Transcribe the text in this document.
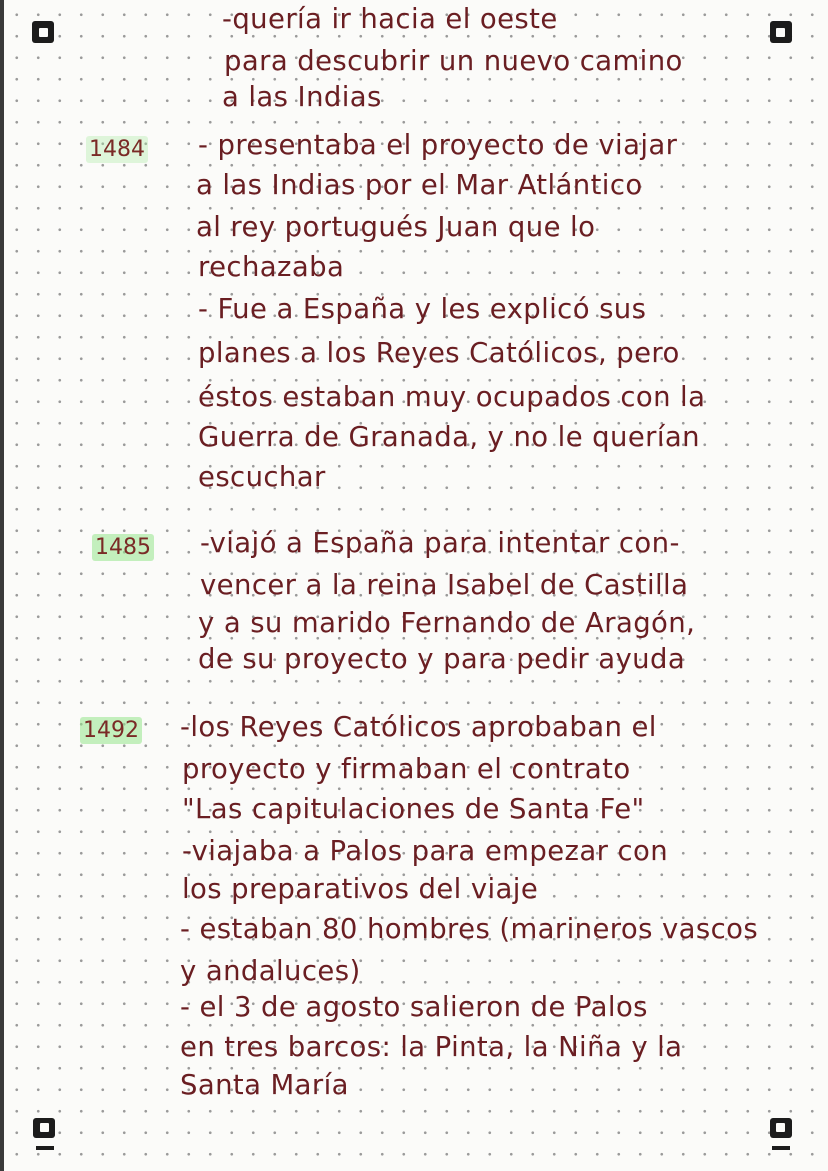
-quería ir hacia el oeste

para descubrir un nuevo camino

a las Indias

1484 - presentaba el proyecto de viajar

a las Indias por el Mar Atlántico

al rey portugués Juan que lo

rechazaba

- Fue a España y les explicó sus

planes a los Reyes Católicos, pero

éstos estaban muy ocupados con la

Guerra de Granada, y no le querían

escuchar

1485 -viajó a España para intentar con-

vencer a la reina Isabel de Castilla

y a su marido Fernando de Aragón,

de su proyecto y para pedir ayuda

1492 -los Reyes Católicos aprobaban el

proyecto y firmaban el contrato

"Las capitulaciones de Santa Fe"

-viajaba a Palos para empezar con

los preparativos del viaje

- estaban 80 hombres (marineros vascos

y andaluces)

- el 3 de agosto salieron de Palos

en tres barcos: la Pinta, la Niña y la

Santa María
